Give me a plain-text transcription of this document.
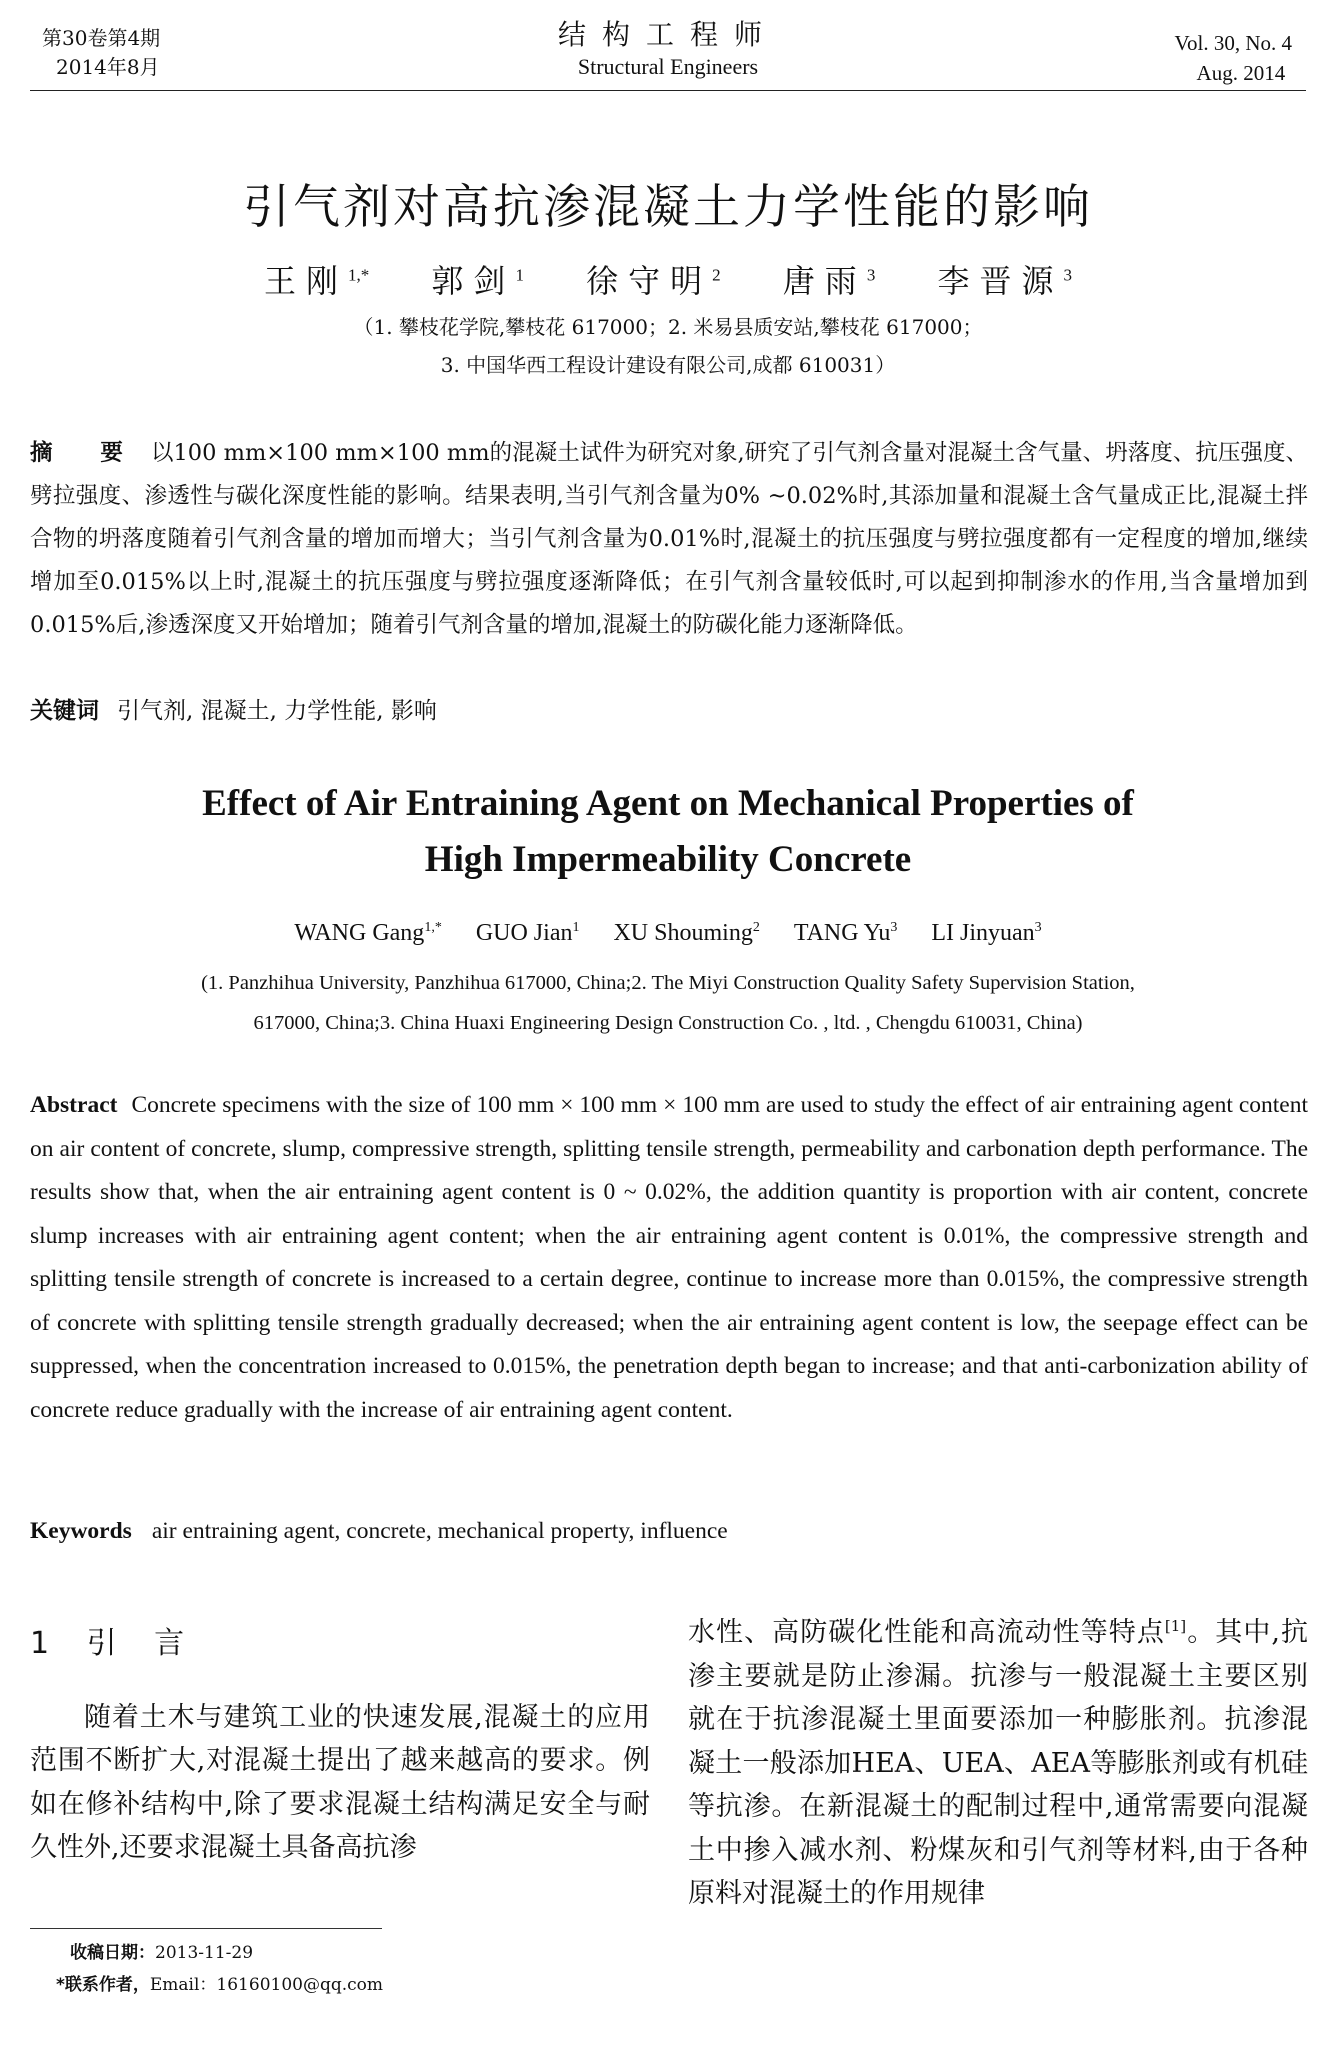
第30卷第4期
2014年8月
结构工程师
Structural Engineers
Vol. 30, No. 4
Aug. 2014
引气剂对高抗渗混凝土力学性能的影响
王刚$^{1,*}$ 郭剑$^1$ 徐守明$^2$ 唐雨$^3$ 李晋源$^3$
（1. 攀枝花学院,攀枝花 617000；2. 米易县质安站,攀枝花 617000；
3. 中国华西工程设计建设有限公司,成都 610031）
摘 要 以100 mm×100 mm×100 mm的混凝土试件为研究对象,研究了引气剂含量对混凝土含气量、坍落度、抗压强度、劈拉强度、渗透性与碳化深度性能的影响。结果表明,当引气剂含量为0% ~0.02%时,其添加量和混凝土含气量成正比,混凝土拌合物的坍落度随着引气剂含量的增加而增大；当引气剂含量为0.01%时,混凝土的抗压强度与劈拉强度都有一定程度的增加,继续增加至0.015%以上时,混凝土的抗压强度与劈拉强度逐渐降低；在引气剂含量较低时,可以起到抑制渗水的作用,当含量增加到0.015%后,渗透深度又开始增加；随着引气剂含量的增加,混凝土的防碳化能力逐渐降低。
关键词 引气剂, 混凝土, 力学性能, 影响
Effect of Air Entraining Agent on Mechanical Properties of
High Impermeability Concrete
WANG Gang$^{1,*}$ GUO Jian$^1$ XU Shouming$^2$ TANG Yu$^3$ LI Jinyuan$^3$
(1. Panzhihua University, Panzhihua 617000, China;2. The Miyi Construction Quality Safety Supervision Station,
617000, China;3. China Huaxi Engineering Design Construction Co. , ltd. , Chengdu 610031, China)
Abstract Concrete specimens with the size of 100 mm × 100 mm × 100 mm are used to study the effect of air entraining agent content on air content of concrete, slump, compressive strength, splitting tensile strength, permeability and carbonation depth performance. The results show that, when the air entraining agent content is 0 ~ 0.02%, the addition quantity is proportion with air content, concrete slump increases with air entraining agent content; when the air entraining agent content is 0.01%, the compressive strength and splitting tensile strength of concrete is increased to a certain degree, continue to increase more than 0.015%, the compressive strength of concrete with splitting tensile strength gradually decreased; when the air entraining agent content is low, the seepage effect can be suppressed, when the concentration increased to 0.015%, the penetration depth began to increase; and that anti-carbonization ability of concrete reduce gradually with the increase of air entraining agent content.
Keywords air entraining agent, concrete, mechanical property, influence
1 引 言
随着土木与建筑工业的快速发展,混凝土的应用范围不断扩大,对混凝土提出了越来越高的要求。例如在修补结构中,除了要求混凝土结构满足安全与耐久性外,还要求混凝土具备高抗渗
水性、高防碳化性能和高流动性等特点[1]。其中,抗渗主要就是防止渗漏。抗渗与一般混凝土主要区别就在于抗渗混凝土里面要添加一种膨胀剂。抗渗混凝土一般添加HEA、UEA、AEA等膨胀剂或有机硅等抗渗。在新混凝土的配制过程中,通常需要向混凝土中掺入减水剂、粉煤灰和引气剂等材料,由于各种原料对混凝土的作用规律
收稿日期：2013-11-29
*联系作者，Email：16160100@qq.com
